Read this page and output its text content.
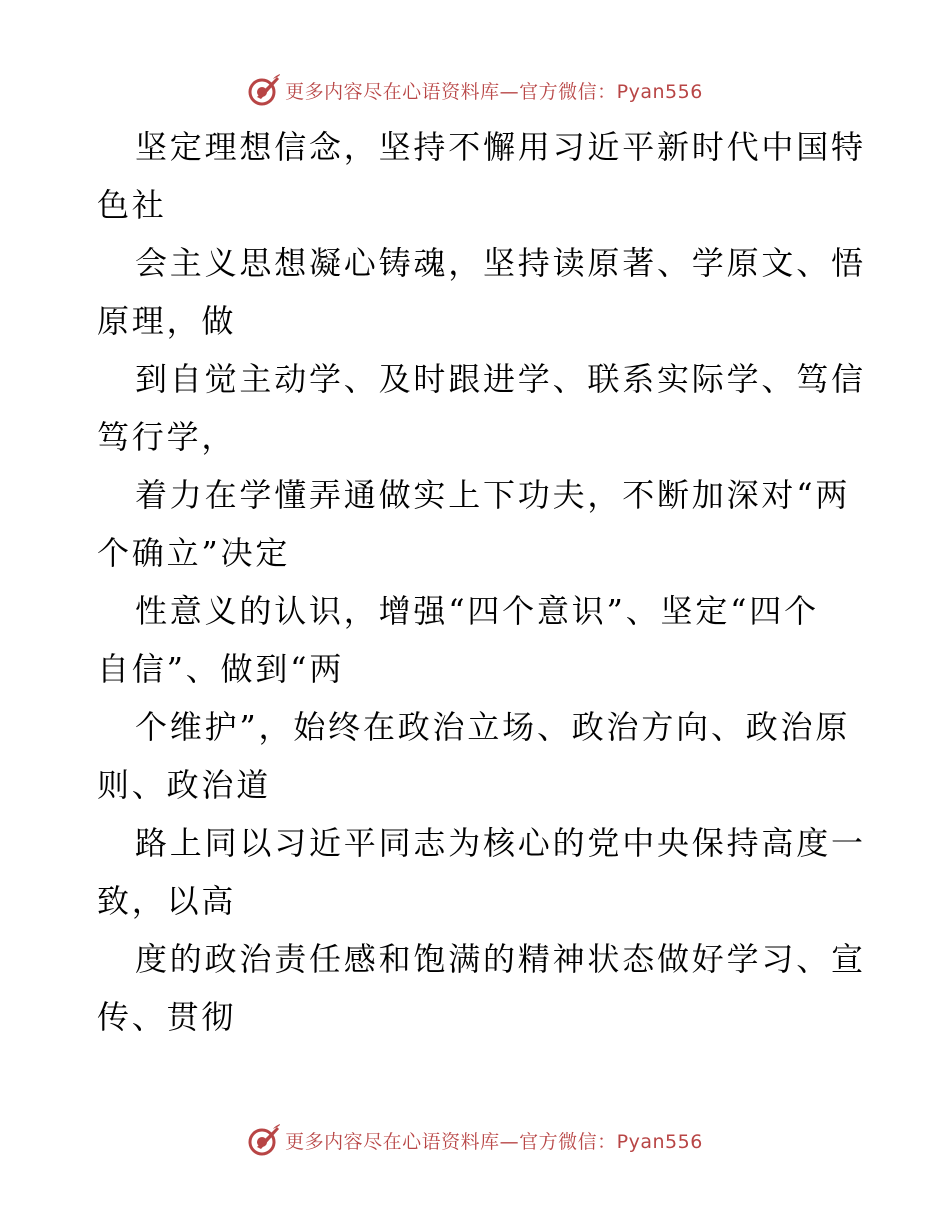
更多内容尽在心语资料库—官方微信：Pyan556

坚定理想信念，坚持不懈用习近平新时代中国特
色社

会主义思想凝心铸魂，坚持读原著、学原文、悟
原理，做

到自觉主动学、及时跟进学、联系实际学、笃信
笃行学，

着力在学懂弄通做实上下功夫，不断加深对“两
个确立”决定

性意义的认识，增强“四个意识”、坚定“四个
自信”、做到“两

个维护”，始终在政治立场、政治方向、政治原
则、政治道

路上同以习近平同志为核心的党中央保持高度一
致，以高

度的政治责任感和饱满的精神状态做好学习、宣
传、贯彻

更多内容尽在心语资料库—官方微信：Pyan556
